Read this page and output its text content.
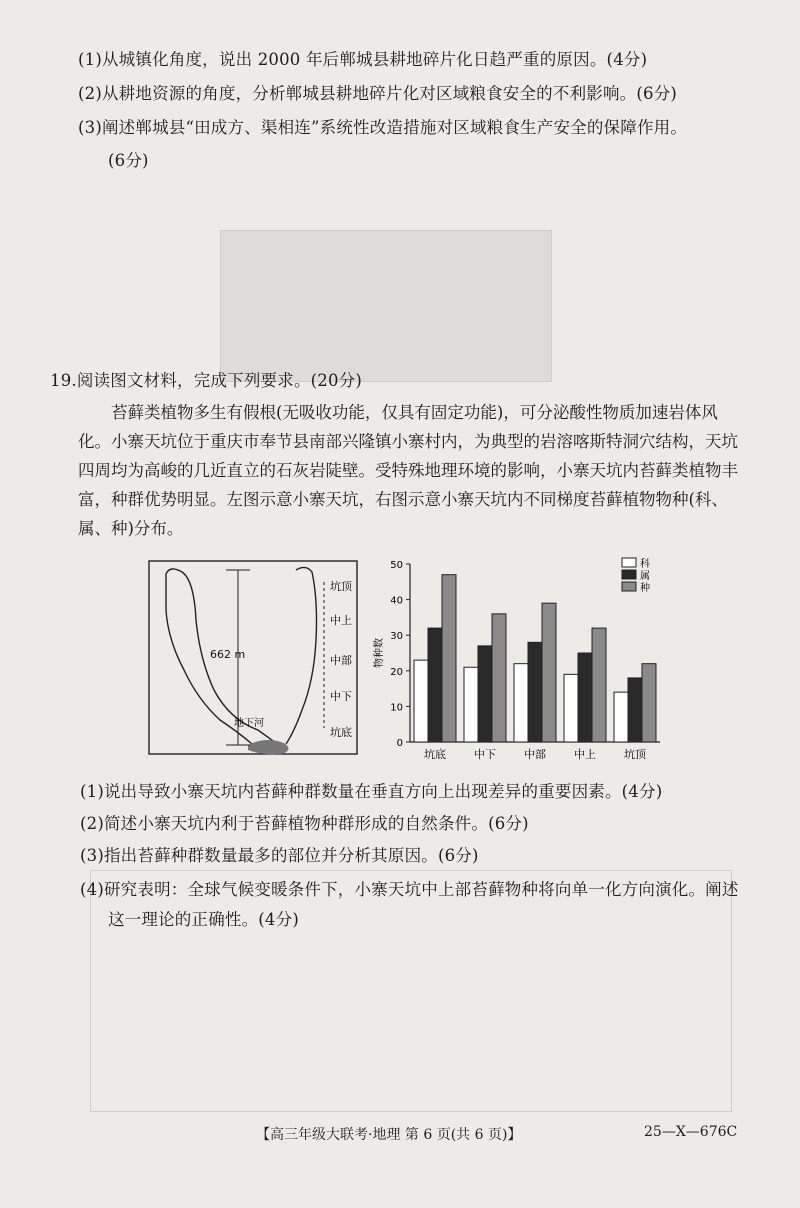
(1)从城镇化角度，说出 2000 年后郸城县耕地碎片化日趋严重的原因。(4分)
(2)从耕地资源的角度，分析郸城县耕地碎片化对区域粮食安全的不利影响。(6分)
(3)阐述郸城县“田成方、渠相连”系统性改造措施对区域粮食生产安全的保障作用。
(6分)
19.阅读图文材料，完成下列要求。(20分)
苔藓类植物多生有假根(无吸收功能，仅具有固定功能)，可分泌酸性物质加速岩体风化。小寨天坑位于重庆市奉节县南部兴隆镇小寨村内，为典型的岩溶喀斯特洞穴结构，天坑四周均为高峻的几近直立的石灰岩陡壁。受特殊地理环境的影响，小寨天坑内苔藓类植物丰富，种群优势明显。左图示意小寨天坑，右图示意小寨天坑内不同梯度苔藓植物物种(科、属、种)分布。
662 m
坑顶
中上
中部
中下
坑底
地下河
0
10
20
30
40
50
物种数
坑底	中下	中部	中上	坑顶
科
属
种
(1)说出导致小寨天坑内苔藓种群数量在垂直方向上出现差异的重要因素。(4分)
(2)简述小寨天坑内利于苔藓植物种群形成的自然条件。(6分)
(3)指出苔藓种群数量最多的部位并分析其原因。(6分)
(4)研究表明：全球气候变暖条件下，小寨天坑中上部苔藓物种将向单一化方向演化。阐述
这一理论的正确性。(4分)
【高三年级大联考·地理 第 6 页(共 6 页)】	25—X—676C
